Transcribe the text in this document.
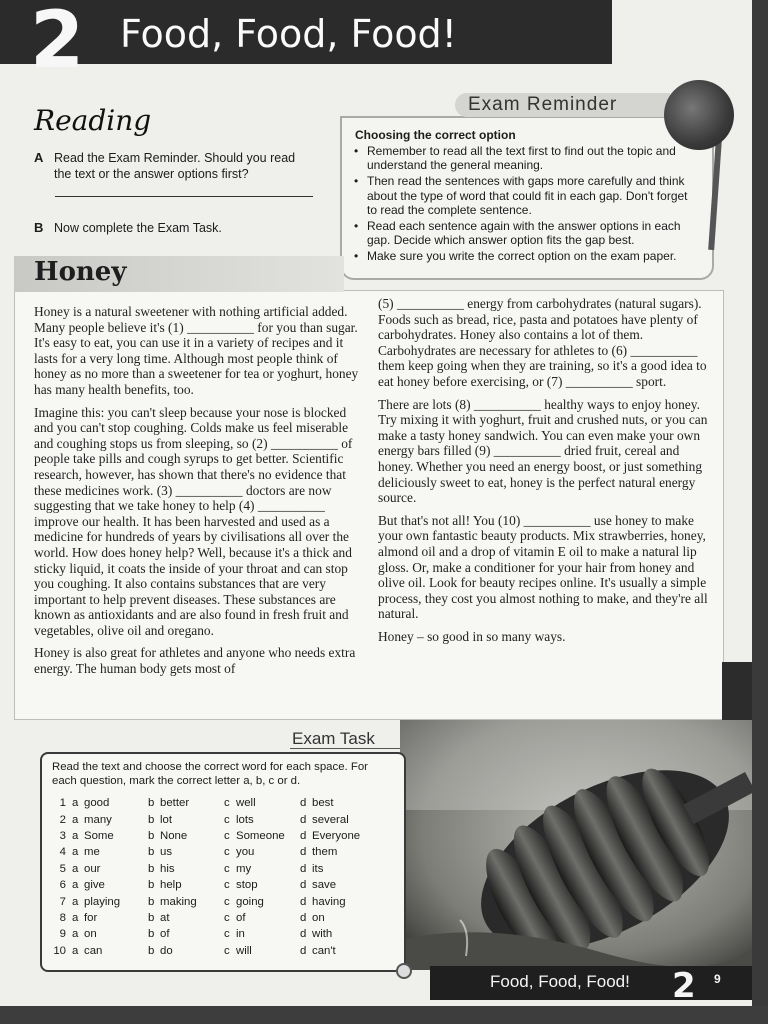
2 Food, Food, Food!
Reading
A Read the Exam Reminder. Should you read the text or the answer options first?
B Now complete the Exam Task.
Exam Reminder
Choosing the correct option
• Remember to read all the text first to find out the topic and understand the general meaning.
• Then read the sentences with gaps more carefully and think about the type of word that could fit in each gap. Don't forget to read the complete sentence.
• Read each sentence again with the answer options in each gap. Decide which answer option fits the gap best.
• Make sure you write the correct option on the exam paper.
Honey

Honey is a natural sweetener with nothing artificial added. Many people believe it's (1) __________ for you than sugar. It's easy to eat, you can use it in a variety of recipes and it lasts for a very long time. Although most people think of honey as no more than a sweetener for tea or yoghurt, honey has many health benefits, too.

Imagine this: you can't sleep because your nose is blocked and you can't stop coughing. Colds make us feel miserable and coughing stops us from sleeping, so (2) __________ of people take pills and cough syrups to get better. Scientific research, however, has shown that there's no evidence that these medicines work. (3) __________ doctors are now suggesting that we take honey to help (4) __________ improve our health. It has been harvested and used as a medicine for hundreds of years by civilisations all over the world. How does honey help? Well, because it's a thick and sticky liquid, it coats the inside of your throat and can stop you coughing. It also contains substances that are very important to help prevent diseases. These substances are known as antioxidants and are also found in fresh fruit and vegetables, olive oil and oregano.

Honey is also great for athletes and anyone who needs extra energy. The human body gets most of

(5) __________ energy from carbohydrates (natural sugars). Foods such as bread, rice, pasta and potatoes have plenty of carbohydrates. Honey also contains a lot of them. Carbohydrates are necessary for athletes to (6) __________ them keep going when they are training, so it's a good idea to eat honey before exercising, or (7) __________ sport.

There are lots (8) __________ healthy ways to enjoy honey. Try mixing it with yoghurt, fruit and crushed nuts, or you can make a tasty honey sandwich. You can even make your own energy bars filled (9) __________ dried fruit, cereal and honey. Whether you need an energy boost, or just something deliciously sweet to eat, honey is the perfect natural energy source.

But that's not all! You (10) __________ use honey to make your own fantastic beauty products. Mix strawberries, honey, almond oil and a drop of vitamin E oil to make a natural lip gloss. Or, make a conditioner for your hair from honey and olive oil. Look for beauty recipes online. It's usually a simple process, they cost you almost nothing to make, and they're all natural.

Honey – so good in so many ways.

Exam Task
Read the text and choose the correct word for each space. For each question, mark the correct letter a, b, c or d.
1 a good	b better	c well	d best
2 a many	b lot	c lots	d several
3 a Some	b None	c Someone	d Everyone
4 a me	b us	c you	d them
5 a our	b his	c my	d its
6 a give	b help	c stop	d save
7 a playing	b making	c going	d having
8 a for	b at	c of	d on
9 a on	b of	c in	d with
10 a can	b do	c will	d can't
Food, Food, Food! 2 9
